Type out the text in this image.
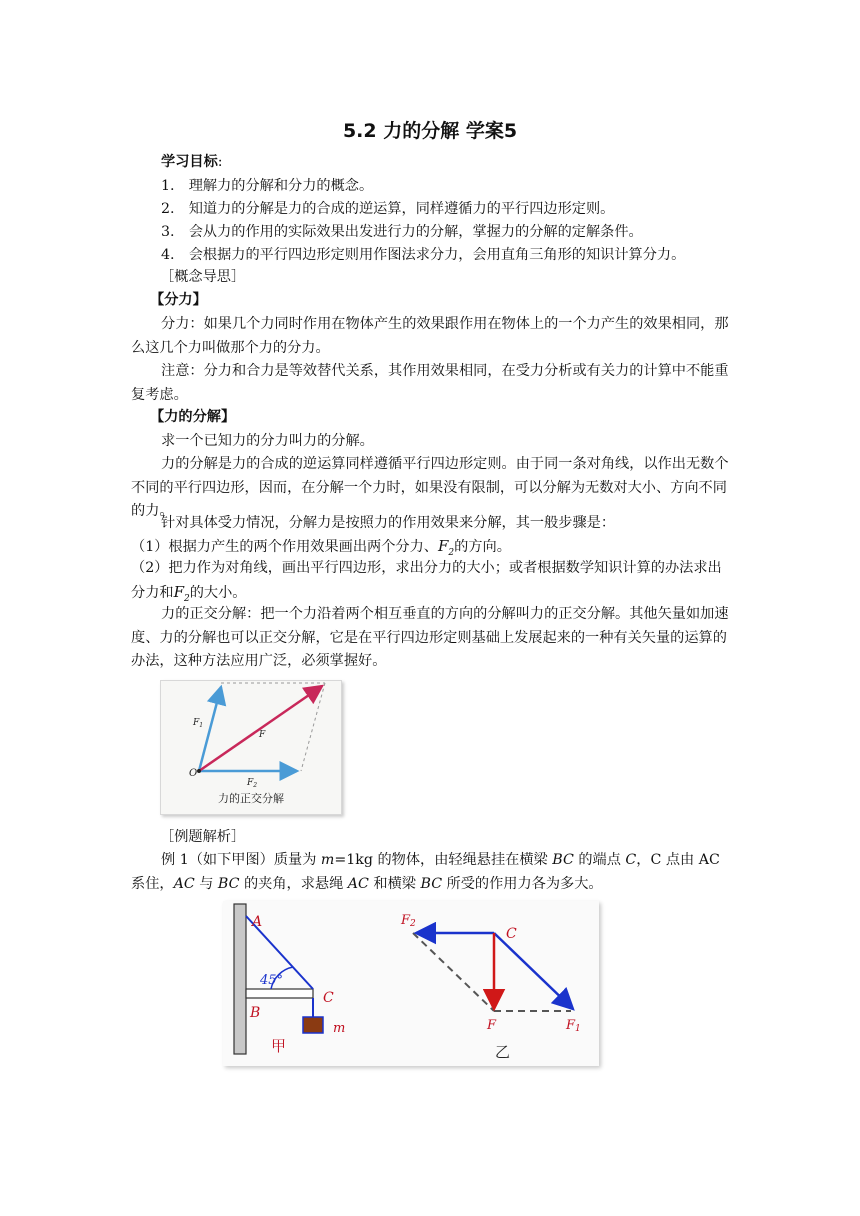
5.2 力的分解 学案5
学习目标:
1.　理解力的分解和分力的概念。
2.　知道力的分解是力的合成的逆运算，同样遵循力的平行四边形定则。
3.　会从力的作用的实际效果出发进行力的分解，掌握力的分解的定解条件。
4.　会根据力的平行四边形定则用作图法求分力，会用直角三角形的知识计算分力。
［概念导思］
【分力】
分力：如果几个力同时作用在物体产生的效果跟作用在物体上的一个力产生的效果相同，那么这几个力叫做那个力的分力。
注意：分力和合力是等效替代关系，其作用效果相同，在受力分析或有关力的计算中不能重复考虑。
【力的分解】
求一个已知力的分力叫力的分解。
力的分解是力的合成的逆运算同样遵循平行四边形定则。由于同一条对角线，以作出无数个不同的平行四边形，因而，在分解一个力时，如果没有限制，可以分解为无数对大小、方向不同的力。
针对具体受力情况，分解力是按照力的作用效果来分解，其一般步骤是：
（1）根据力产生的两个作用效果画出两个分力、$F_2$的方向。
（2）把力作为对角线，画出平行四边形，求出分力的大小；或者根据数学知识计算的办法求出分力和$F_2$的大小。
力的正交分解：把一个力沿着两个相互垂直的方向的分解叫力的正交分解。其他矢量如加速度、力的分解也可以正交分解，它是在平行四边形定则基础上发展起来的一种有关矢量的运算的办法，这种方法应用广泛，必须掌握好。
O
$F_1$
F
$F_2$
力的正交分解
［例题解析］
例 1（如下甲图）质量为 m=1kg 的物体，由轻绳悬挂在横梁 BC 的端点 C，C 点由 AC 系住，AC 与 BC 的夹角，求悬绳 AC 和横梁 BC 所受的作用力各为多大。
45°
A
B
C
m
甲
F2
C
F	F1
乙
